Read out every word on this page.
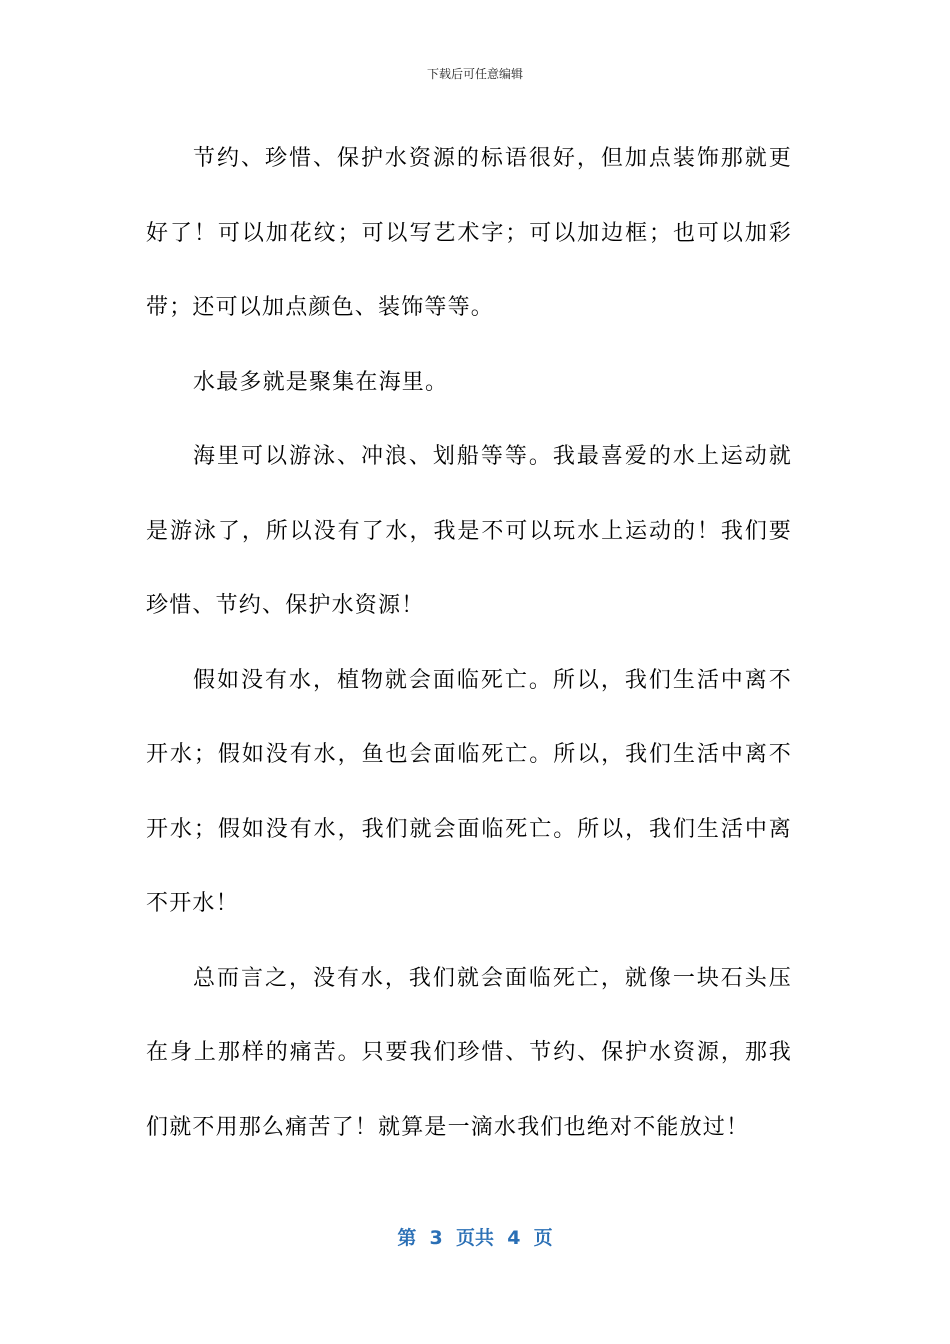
下载后可任意编辑

节约、珍惜、保护水资源的标语很好，但加点装饰那就更好了！可以加花纹；可以写艺术字；可以加边框；也可以加彩带；还可以加点颜色、装饰等等。

水最多就是聚集在海里。

海里可以游泳、冲浪、划船等等。我最喜爱的水上运动就是游泳了，所以没有了水，我是不可以玩水上运动的！我们要珍惜、节约、保护水资源！

假如没有水，植物就会面临死亡。所以，我们生活中离不开水；假如没有水，鱼也会面临死亡。所以，我们生活中离不开水；假如没有水，我们就会面临死亡。所以，我们生活中离不开水！

总而言之，没有水，我们就会面临死亡，就像一块石头压在身上那样的痛苦。只要我们珍惜、节约、保护水资源，那我们就不用那么痛苦了！就算是一滴水我们也绝对不能放过！

第  3  页共  4  页
